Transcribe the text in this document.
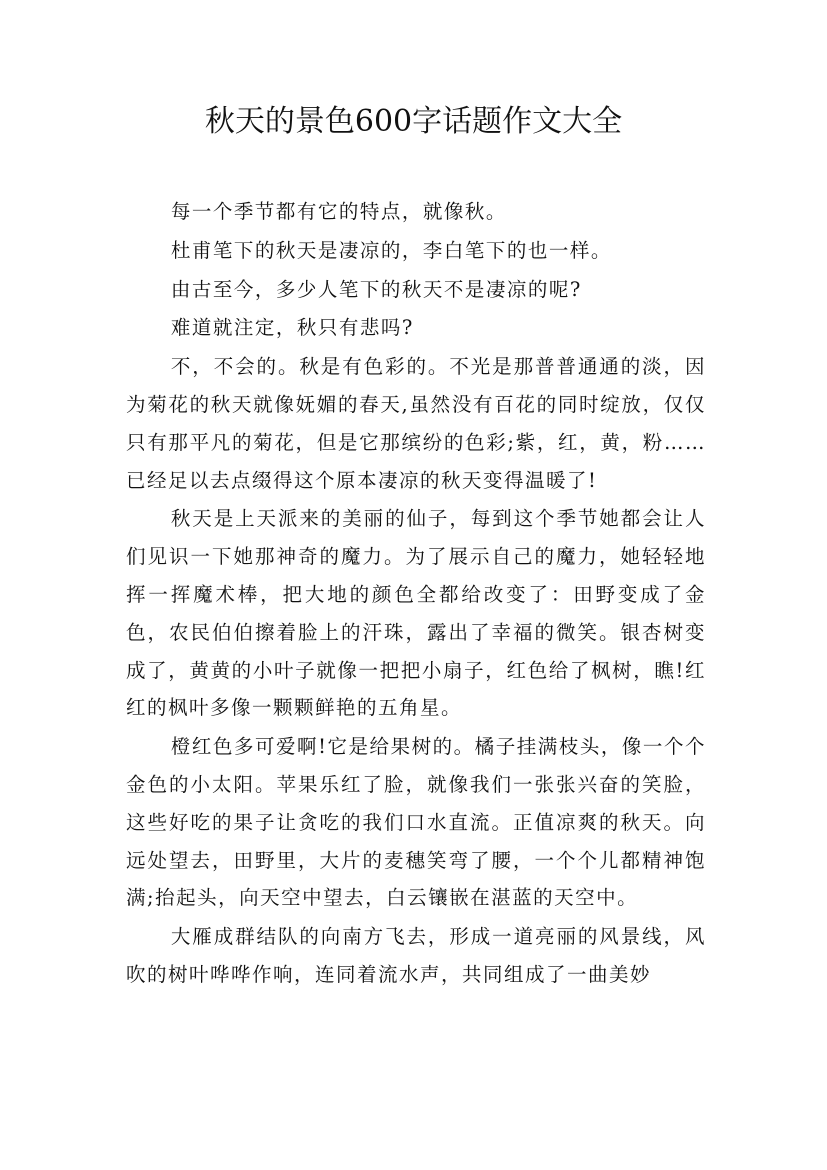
秋天的景色600字话题作文大全

每一个季节都有它的特点，就像秋。

杜甫笔下的秋天是凄凉的，李白笔下的也一样。

由古至今，多少人笔下的秋天不是凄凉的呢?

难道就注定，秋只有悲吗?

不，不会的。秋是有色彩的。不光是那普普通通的淡，因为菊花的秋天就像妩媚的春天,虽然没有百花的同时绽放，仅仅只有那平凡的菊花，但是它那缤纷的色彩;紫，红，黄，粉……已经足以去点缀得这个原本凄凉的秋天变得温暖了!

秋天是上天派来的美丽的仙子，每到这个季节她都会让人们见识一下她那神奇的魔力。为了展示自己的魔力，她轻轻地挥一挥魔术棒，把大地的颜色全都给改变了：田野变成了金色，农民伯伯擦着脸上的汗珠，露出了幸福的微笑。银杏树变成了，黄黄的小叶子就像一把把小扇子，红色给了枫树，瞧!红红的枫叶多像一颗颗鲜艳的五角星。

橙红色多可爱啊!它是给果树的。橘子挂满枝头，像一个个金色的小太阳。苹果乐红了脸，就像我们一张张兴奋的笑脸，这些好吃的果子让贪吃的我们口水直流。正值凉爽的秋天。向远处望去，田野里，大片的麦穗笑弯了腰，一个个儿都精神饱满;抬起头，向天空中望去，白云镶嵌在湛蓝的天空中。

大雁成群结队的向南方飞去，形成一道亮丽的风景线，风吹的树叶哗哗作响，连同着流水声，共同组成了一曲美妙
